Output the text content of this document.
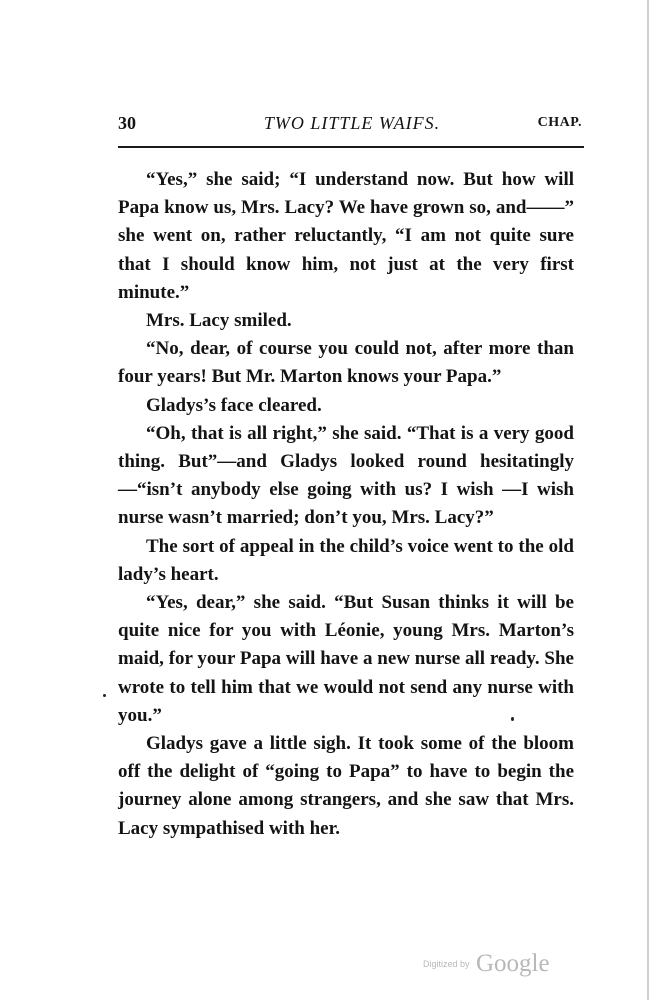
30	TWO LITTLE WAIFS.	CHAP.

“Yes,” she said; “I understand now. But how will Papa know us, Mrs. Lacy? We have grown so, and——” she went on, rather reluctantly, “I am not quite sure that I should know him, not just at the very first minute.”

Mrs. Lacy smiled.

“No, dear, of course you could not, after more than four years! But Mr. Marton knows your Papa.”

Gladys’s face cleared.

“Oh, that is all right,” she said. “That is a very good thing. But”—and Gladys looked round hesitatingly—“isn’t anybody else going with us? I wish —I wish nurse wasn’t married; don’t you, Mrs. Lacy?”

The sort of appeal in the child’s voice went to the old lady’s heart.

“Yes, dear,” she said. “But Susan thinks it will be quite nice for you with Léonie, young Mrs. Marton’s maid, for your Papa will have a new nurse all ready. She wrote to tell him that we would not send any nurse with you.”

Gladys gave a little sigh. It took some of the bloom off the delight of “going to Papa” to have to begin the journey alone among strangers, and she saw that Mrs. Lacy sympathised with her.

Digitized by Google
